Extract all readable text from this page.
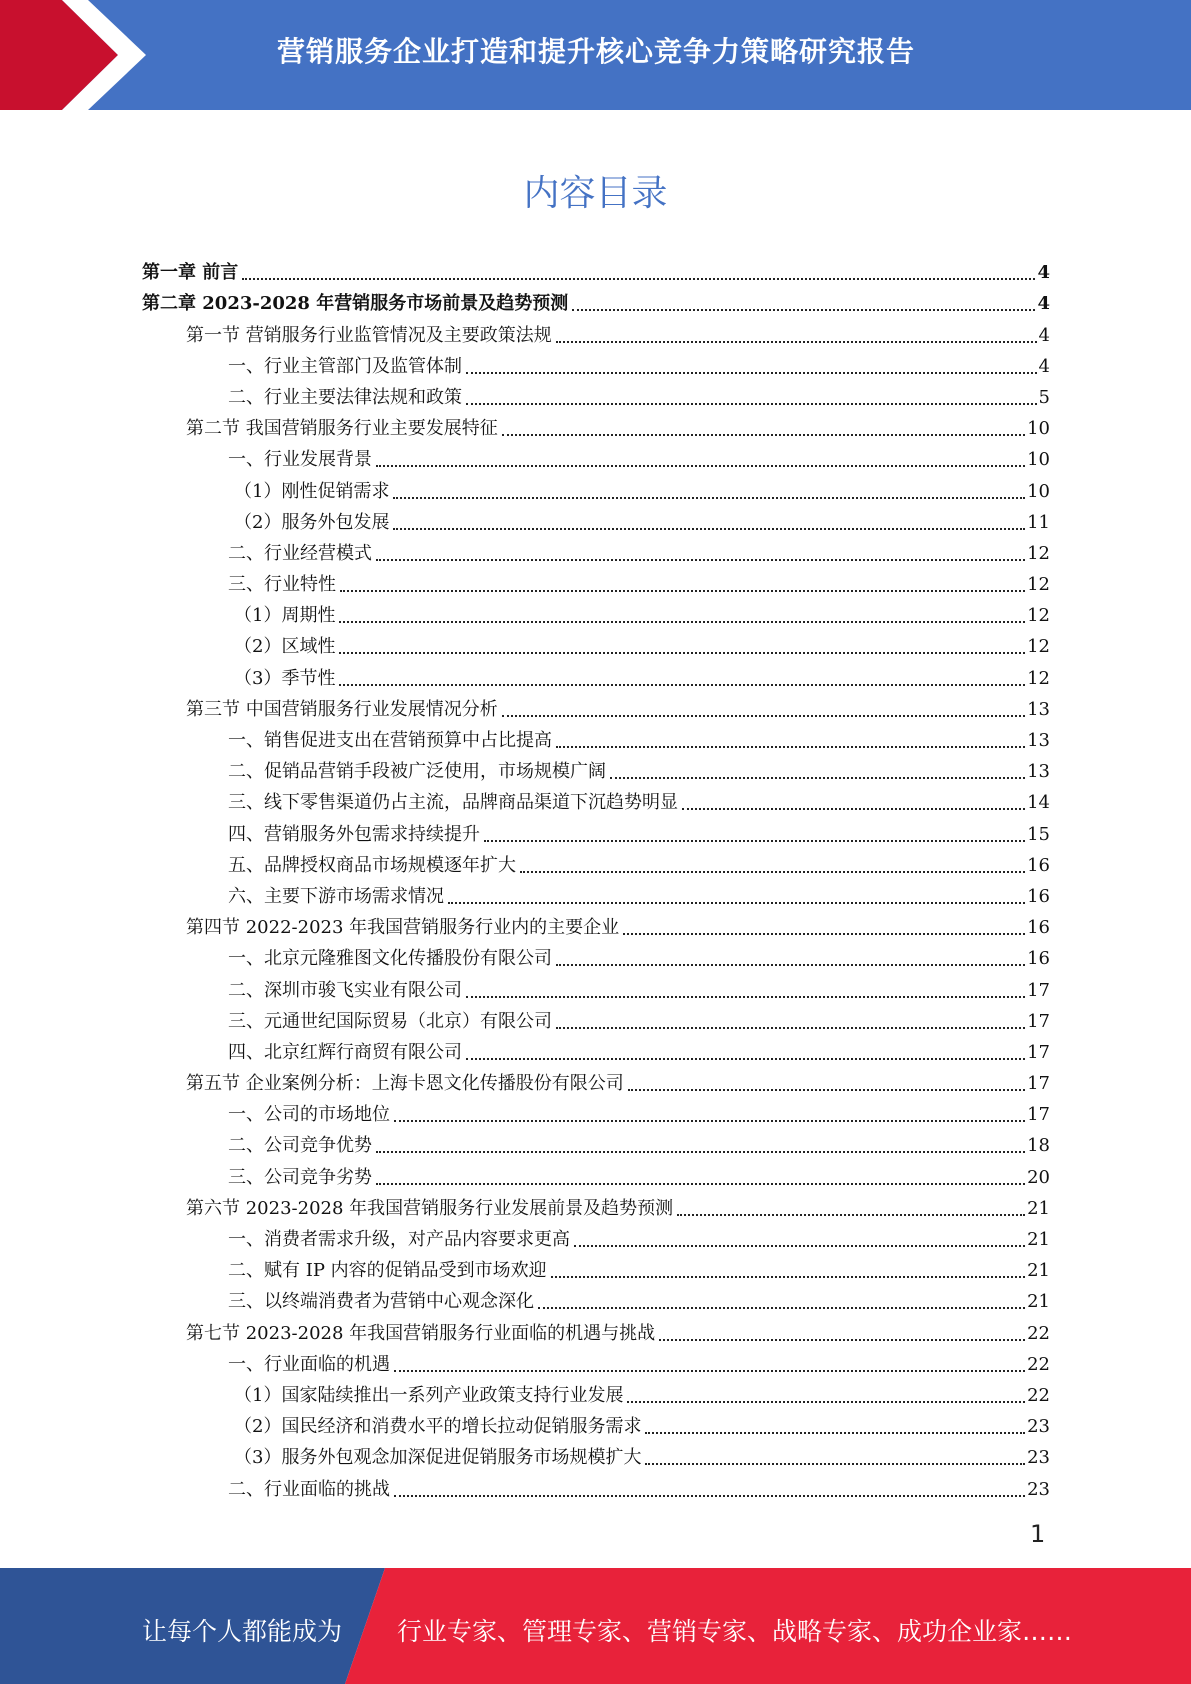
营销服务企业打造和提升核心竞争力策略研究报告
内容目录
第一章 前言	4
第二章 2023-2028 年营销服务市场前景及趋势预测	4
第一节 营销服务行业监管情况及主要政策法规	4
一、行业主管部门及监管体制	4
二、行业主要法律法规和政策	5
第二节 我国营销服务行业主要发展特征	10
一、行业发展背景	10
（1）刚性促销需求	10
（2）服务外包发展	11
二、行业经营模式	12
三、行业特性	12
（1）周期性	12
（2）区域性	12
（3）季节性	12
第三节 中国营销服务行业发展情况分析	13
一、销售促进支出在营销预算中占比提高	13
二、促销品营销手段被广泛使用，市场规模广阔	13
三、线下零售渠道仍占主流，品牌商品渠道下沉趋势明显	14
四、营销服务外包需求持续提升	15
五、品牌授权商品市场规模逐年扩大	16
六、主要下游市场需求情况	16
第四节 2022-2023 年我国营销服务行业内的主要企业	16
一、北京元隆雅图文化传播股份有限公司	16
二、深圳市骏飞实业有限公司	17
三、元通世纪国际贸易（北京）有限公司	17
四、北京红辉行商贸有限公司	17
第五节 企业案例分析：上海卡恩文化传播股份有限公司	17
一、公司的市场地位	17
二、公司竞争优势	18
三、公司竞争劣势	20
第六节 2023-2028 年我国营销服务行业发展前景及趋势预测	21
一、消费者需求升级，对产品内容要求更高	21
二、赋有 IP 内容的促销品受到市场欢迎	21
三、以终端消费者为营销中心观念深化	21
第七节 2023-2028 年我国营销服务行业面临的机遇与挑战	22
一、行业面临的机遇	22
（1）国家陆续推出一系列产业政策支持行业发展	22
（2）国民经济和消费水平的增长拉动促销服务需求	23
（3）服务外包观念加深促进促销服务市场规模扩大	23
二、行业面临的挑战	23
1
让每个人都能成为 行业专家、管理专家、营销专家、战略专家、成功企业家……
